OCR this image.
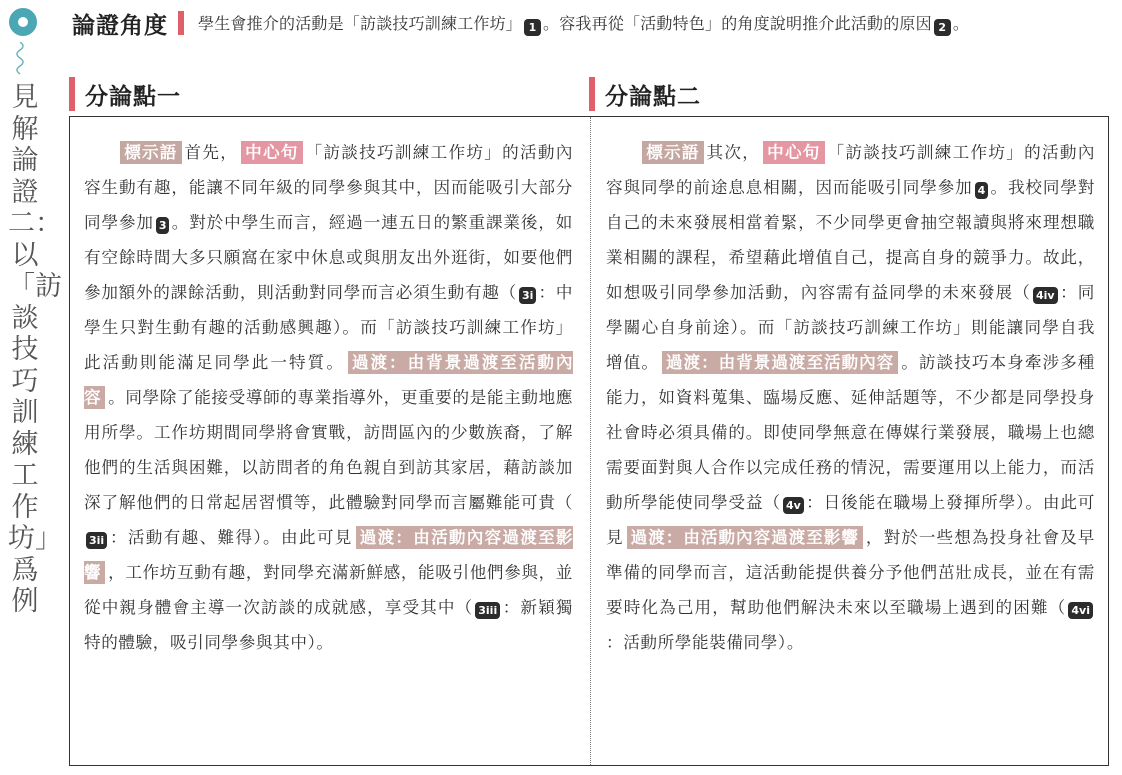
見解論證二：以「訪談技巧訓練工作坊」爲例
論證角度 學生會推介的活動是「訪談技巧訓練工作坊」 1 。容我再從「活動特色」的角度說明推介此活動的原因 2 。
分論點一	分論點二

標示語 首先， 中心句 「訪談技巧訓練工作坊」的活動內容生動有趣，能讓不同年級的同學參與其中，因而能吸引大部分同學參加 3 。對於中學生而言，經過一連五日的繁重課業後，如有空餘時間大多只願窩在家中休息或與朋友出外逛街，如要他們參加額外的課餘活動，則活動對同學而言必須生動有趣（ 3i ：中學生只對生動有趣的活動感興趣）。而「訪談技巧訓練工作坊」此活動則能滿足同學此一特質。 過渡：由背景過渡至活動內容 。同學除了能接受導師的專業指導外，更重要的是能主動地應用所學。工作坊期間同學將會實戰，訪問區內的少數族裔，了解他們的生活與困難，以訪問者的角色親自到訪其家居，藉訪談加深了解他們的日常起居習慣等，此體驗對同學而言屬難能可貴（3ii ：活動有趣、難得）。由此可見 過渡：由活動內容過渡至影響 ，工作坊互動有趣，對同學充滿新鮮感，能吸引他們參與，並從中親身體會主導一次訪談的成就感，享受其中（ 3iii ：新穎獨特的體驗，吸引同學參與其中）。

標示語 其次， 中心句 「訪談技巧訓練工作坊」的活動內容與同學的前途息息相關，因而能吸引同學參加 4 。我校同學對自己的未來發展相當着緊，不少同學更會抽空報讀與將來理想職業相關的課程，希望藉此增值自己，提高自身的競爭力。故此，如想吸引同學參加活動，內容需有益同學的未來發展（ 4iv ：同學關心自身前途）。而「訪談技巧訓練工作坊」則能讓同學自我增值。 過渡：由背景過渡至活動內容 。訪談技巧本身牽涉多種能力，如資料蒐集、臨場反應、延伸話題等，不少都是同學投身社會時必須具備的。即使同學無意在傳媒行業發展，職場上也總需要面對與人合作以完成任務的情況，需要運用以上能力，而活動所學能使同學受益（ 4v ：日後能在職場上發揮所學）。由此可見 過渡：由活動內容過渡至影響 ，對於一些想為投身社會及早準備的同學而言，這活動能提供養分予他們茁壯成長，並在有需要時化為己用，幫助他們解決未來以至職場上遇到的困難（ 4vi：活動所學能裝備同學）。
